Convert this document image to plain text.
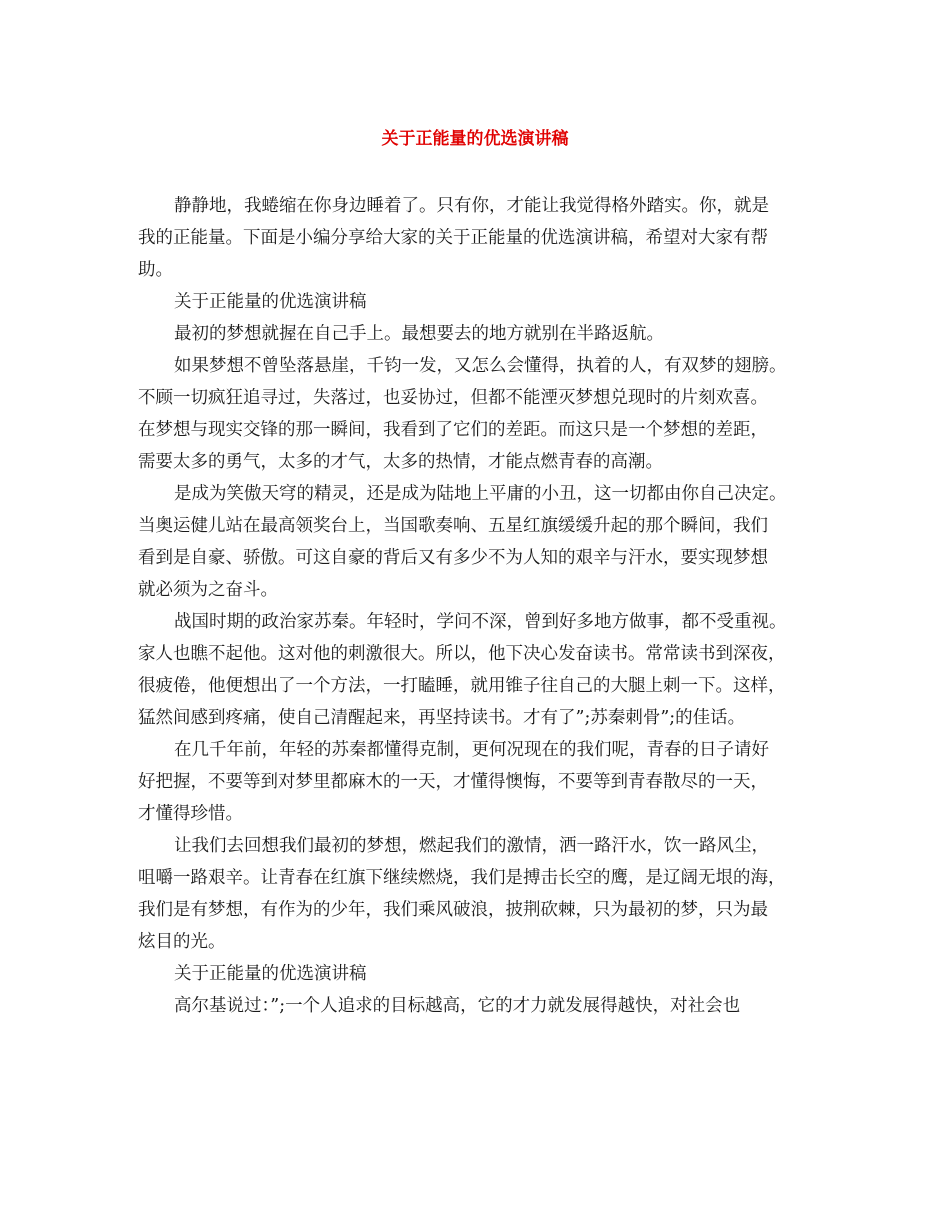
关于正能量的优选演讲稿
静静地，我蜷缩在你身边睡着了。只有你，才能让我觉得格外踏实。你，就是
我的正能量。下面是小编分享给大家的关于正能量的优选演讲稿，希望对大家有帮
助。
关于正能量的优选演讲稿
最初的梦想就握在自己手上。最想要去的地方就别在半路返航。
如果梦想不曾坠落悬崖，千钧一发，又怎么会懂得，执着的人，有双梦的翅膀。
不顾一切疯狂追寻过，失落过，也妥协过，但都不能湮灭梦想兑现时的片刻欢喜。
在梦想与现实交锋的那一瞬间，我看到了它们的差距。而这只是一个梦想的差距，
需要太多的勇气，太多的才气，太多的热情，才能点燃青春的高潮。
是成为笑傲天穹的精灵，还是成为陆地上平庸的小丑，这一切都由你自己决定。
当奥运健儿站在最高领奖台上，当国歌奏响、五星红旗缓缓升起的那个瞬间，我们
看到是自豪、骄傲。可这自豪的背后又有多少不为人知的艰辛与汗水，要实现梦想
就必须为之奋斗。
战国时期的政治家苏秦。年轻时，学问不深，曾到好多地方做事，都不受重视。
家人也瞧不起他。这对他的刺激很大。所以，他下决心发奋读书。常常读书到深夜，
很疲倦，他便想出了一个方法，一打瞌睡，就用锥子往自己的大腿上刺一下。这样，
猛然间感到疼痛，使自己清醒起来，再坚持读书。才有了”;苏秦刺骨”;的佳话。
在几千年前，年轻的苏秦都懂得克制，更何况现在的我们呢，青春的日子请好
好把握，不要等到对梦里都麻木的一天，才懂得懊悔，不要等到青春散尽的一天，
才懂得珍惜。
让我们去回想我们最初的梦想，燃起我们的激情，洒一路汗水，饮一路风尘，
咀嚼一路艰辛。让青春在红旗下继续燃烧，我们是搏击长空的鹰，是辽阔无垠的海，
我们是有梦想，有作为的少年，我们乘风破浪，披荆砍棘，只为最初的梦，只为最
炫目的光。
关于正能量的优选演讲稿
高尔基说过：”;一个人追求的目标越高，它的才力就发展得越快，对社会也
